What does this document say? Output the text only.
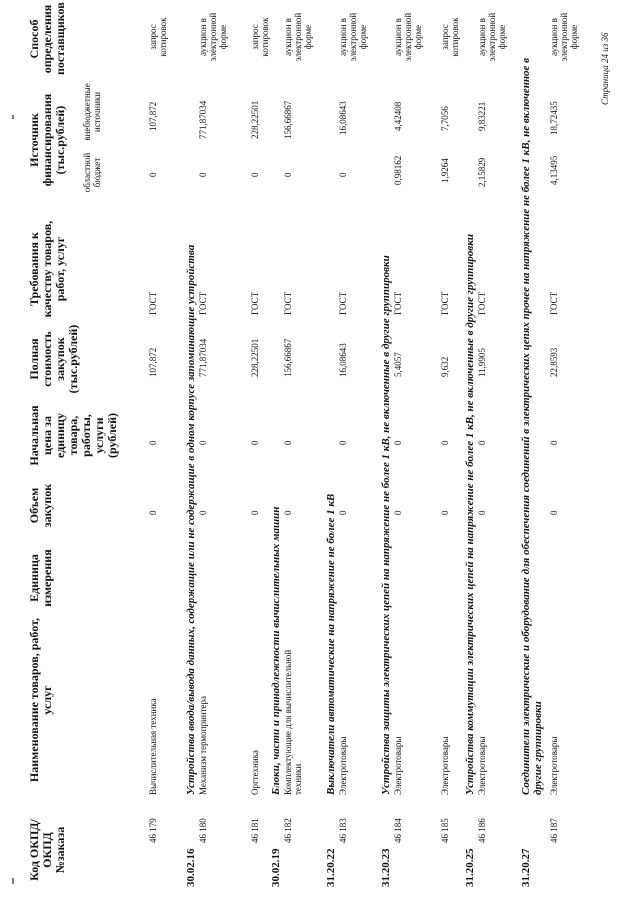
Код ОКПД/ ОКПД №заказа
Наименование товаров, работ, услуг
Единица измерения
Объем закупок
Начальная цена за единицу товара, работы, услуги (рублей)
Полная стоимость закупок (тыс.рублей)
Требования к качеству товаров, работ, услуг
Источник финансирования (тыс.рублей) областной бюджет
внебюджетные источники
Способ определения поставщиков
46 179
Вычислительная техника
0
0
107,872
ГОСТ
0
107,872
запрос котировок
30.02.16
Устройства ввода/вывода данных, содержащие или не содержащие в одном корпусе запоминающие устройства
46 180
Механизм термопринтера
0
0
771,87034
ГОСТ
0
771,87034
аукцион в электронной форме
46 181
Оргтехника
0
0
228,22501
ГОСТ
0
228,22501
запрос котировок
30.02.19
Блоки, части и принадлежности вычислительных машин
46 182
Комплектующие для вычислительной техники
0
0
156,66867
ГОСТ
0
156,66867
аукцион в электронной форме
31.20.22
Выключатели автоматические на напряжение не более 1 кВ
46 183
Электротовары
0
0
16,08643
ГОСТ
0
16,08643
аукцион в электронной форме
31.20.23
Устройства защиты электрических цепей на напряжение не более 1 кВ, не включенные в другие группировки
46 184
Электротовары
0
0
5,4057
ГОСТ
0,98162
4,42408
аукцион в электронной форме
46 185
Электротовары
0
0
9,632
ГОСТ
1,9264
7,7056
запрос котировок
31.20.25
Устройства коммутации электрических цепей на напряжение не более 1 кВ, не включенные в другие группировки
46 186
Электротовары
0
0
11,9905
ГОСТ
2,15829
9,83221
аукцион в электронной форме
31.20.27
Соединители электрические и оборудование для обеспечения соединений в электрических цепях прочее на напряжение не более 1 кВ, не включенное в другие группировки
46 187
Электротовары
0
0
22,8593
ГОСТ
4,13495
18,72435
аукцион в электронной форме Страница 24 из 36
